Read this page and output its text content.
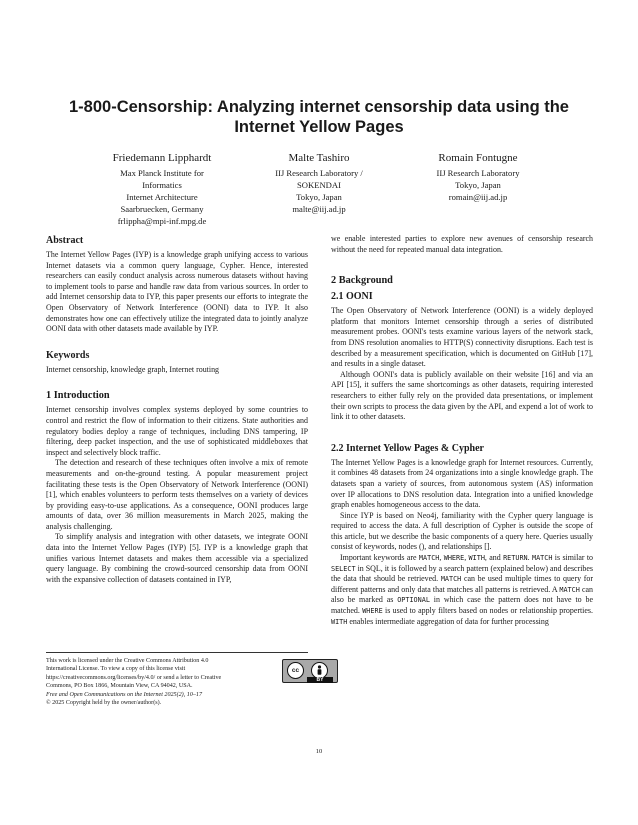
1-800-Censorship: Analyzing internet censorship data using the Internet Yellow Pages
Friedemann Lipphardt
Max Planck Institute for
Informatics
Internet Architecture
Saarbruecken, Germany
frlippha@mpi-inf.mpg.de
Malte Tashiro
IIJ Research Laboratory /
SOKENDAI
Tokyo, Japan
malte@iij.ad.jp
Romain Fontugne
IIJ Research Laboratory
Tokyo, Japan
romain@iij.ad.jp
Abstract

The Internet Yellow Pages (IYP) is a knowledge graph unifying access to various Internet datasets via a common query language, Cypher. Hence, interested researchers can easily conduct analysis across numerous datasets without having to implement tools to parse and handle raw data from various sources. In order to add Internet censorship data to IYP, this paper presents our efforts to integrate the Open Observatory of Network Interference (OONI) data to IYP. It also demonstrates how one can effectively utilize the integrated data to jointly analyze OONI data with other datasets made available by IYP.

Keywords

Internet censorship, knowledge graph, Internet routing

1 Introduction

Internet censorship involves complex systems deployed by some countries to control and restrict the flow of information to their citizens. State authorities and regulatory bodies deploy a range of techniques, including DNS tampering, IP filtering, deep packet inspection, and the use of sophisticated middleboxes that inspect and selectively block traffic.

The detection and research of these techniques often involve a mix of remote measurements and on-the-ground testing. A popular measurement project facilitating these tests is the Open Observatory of Network Interference (OONI) [1], which enables volunteers to perform tests themselves on a variety of devices by providing easy-to-use applications. As a consequence, OONI produces large amounts of data, over 36 million measurements in March 2025, making the analysis challenging.

To simplify analysis and integration with other datasets, we integrate OONI data into the Internet Yellow Pages (IYP) [5]. IYP is a knowledge graph that unifies various Internet datasets and makes them accessible via a specialized query language. By combining the crowd-sourced censorship data from OONI with the expansive collection of datasets contained in IYP,

we enable interested parties to explore new avenues of censorship research without the need for repeated manual data integration.

2 Background
2.1 OONI

The Open Observatory of Network Interference (OONI) is a widely deployed platform that monitors Internet censorship through a series of distributed measurement probes. OONI's tests examine various layers of the network stack, from DNS resolution anomalies to HTTP(S) connectivity disruptions. Each test is described by a measurement specification, which is documented on GitHub [17], and results in a single dataset.

Although OONI's data is publicly available on their website [16] and via an API [15], it suffers the same shortcomings as other datasets, requiring interested researchers to either fully rely on the provided data presentations, or implement their own scripts to process the data given by the API, and expend a lot of work to link it to other datasets.

2.2 Internet Yellow Pages & Cypher

The Internet Yellow Pages is a knowledge graph for Internet resources. Currently, it combines 48 datasets from 24 organizations into a single knowledge graph. The datasets span a variety of sources, from autonomous system (AS) information over IP allocations to DNS resolution data. Integration into a unified knowledge graph enables homogeneous access to the data.

Since IYP is based on Neo4j, familiarity with the Cypher query language is required to access the data. A full description of Cypher is outside the scope of this article, but we describe the basic components of a query here. Queries usually consist of keywords, nodes (), and relationships [].

Important keywords are MATCH, WHERE, WITH, and RETURN. MATCH is similar to SELECT in SQL, it is followed by a search pattern (explained below) and describes the data that should be retrieved. MATCH can be used multiple times to query for different patterns and only data that matches all patterns is retrieved. A MATCH can also be marked as OPTIONAL in which case the pattern does not have to be matched. WHERE is used to apply filters based on nodes or relationship properties. WITH enables intermediate aggregation of data for further processing

This work is licensed under the Creative Commons Attribution 4.0 International License. To view a copy of this license visit https://creativecommons.org/licenses/by/4.0/ or send a letter to Creative Commons, PO Box 1866, Mountain View, CA 94042, USA.
Free and Open Communications on the Internet 2025(2), 10–17
© 2025 Copyright held by the owner/author(s).
cc
BY
10
